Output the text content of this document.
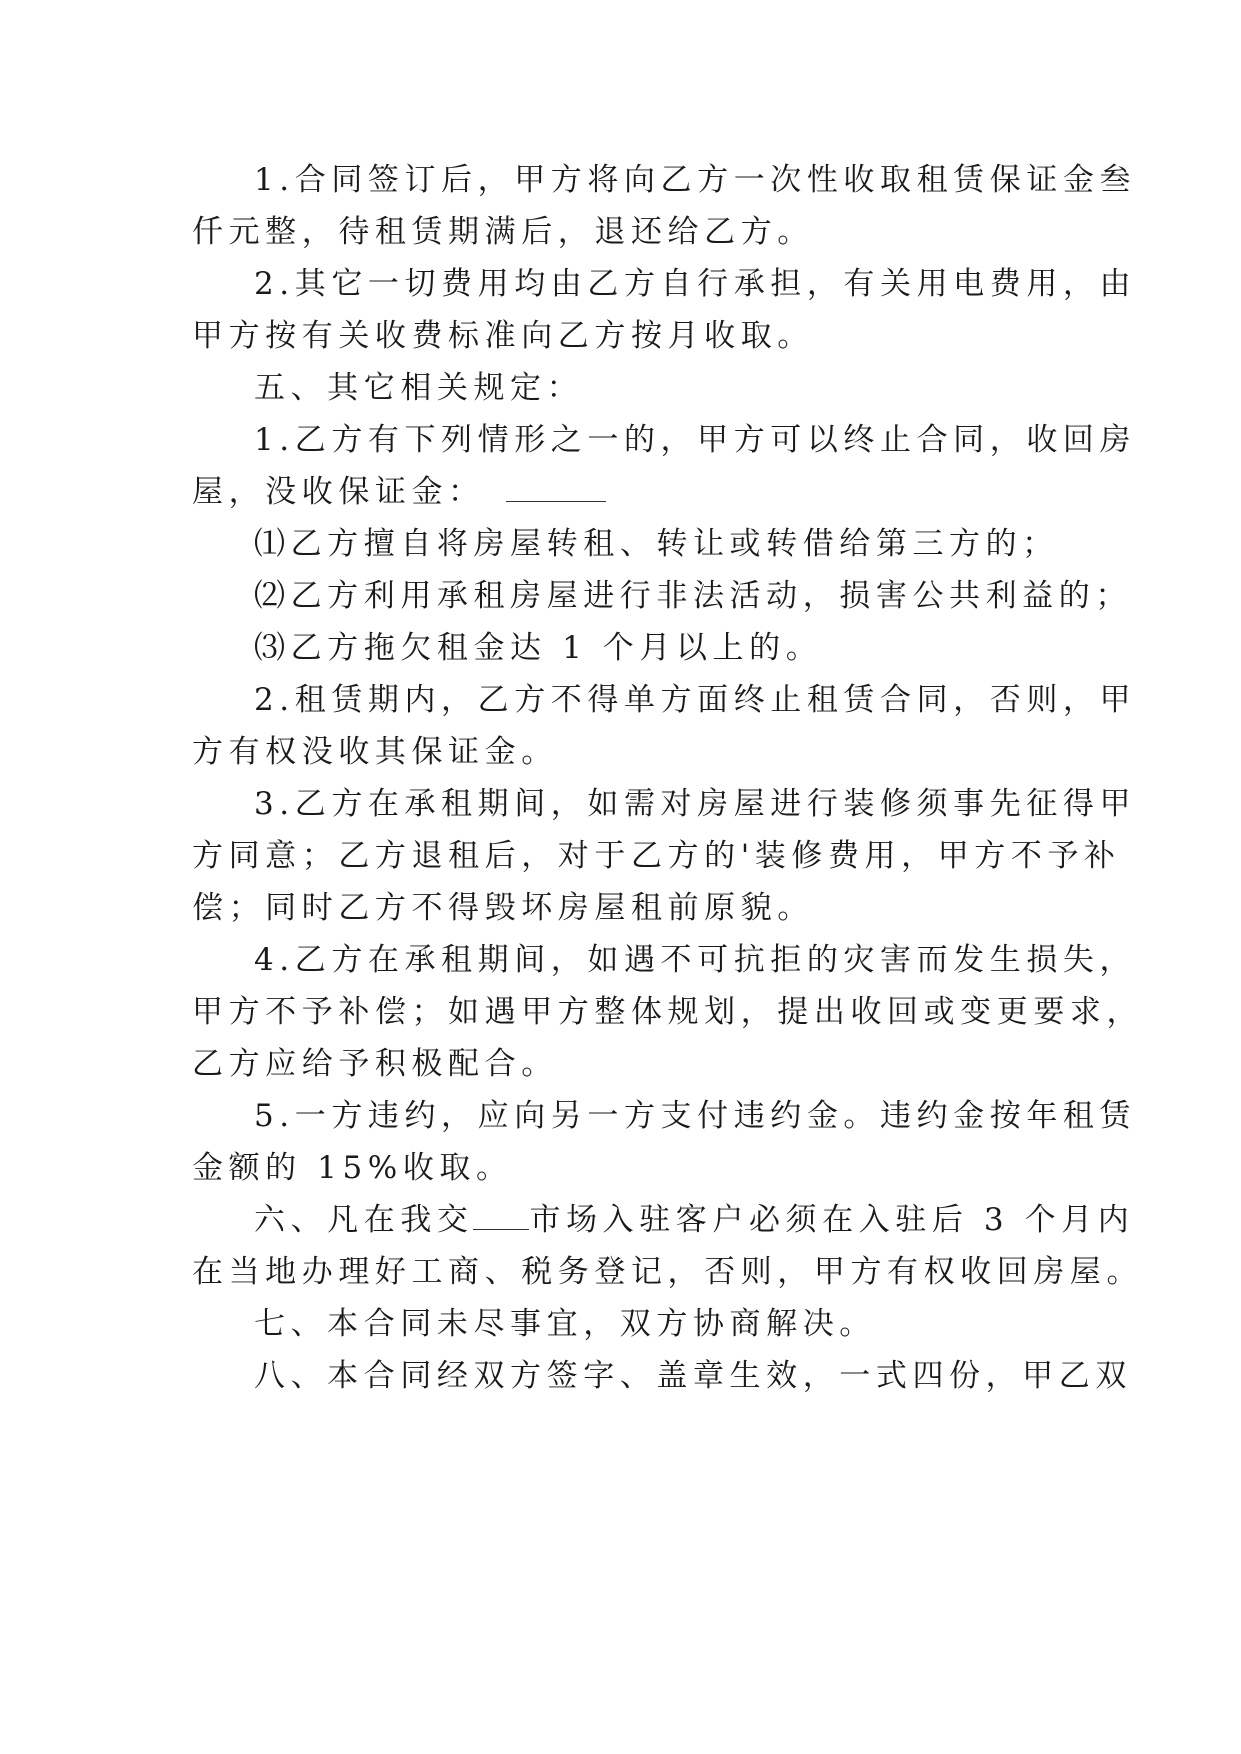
1.合同签订后，甲方将向乙方一次性收取租赁保证金叁
仟元整，待租赁期满后，退还给乙方。
2.其它一切费用均由乙方自行承担，有关用电费用，由
甲方按有关收费标准向乙方按月收取。
五、其它相关规定：
1.乙方有下列情形之一的，甲方可以终止合同，收回房
屋，没收保证金：
⑴乙方擅自将房屋转租、转让或转借给第三方的；
⑵乙方利用承租房屋进行非法活动，损害公共利益的；
⑶乙方拖欠租金达 1 个月以上的。
2.租赁期内，乙方不得单方面终止租赁合同，否则，甲
方有权没收其保证金。
3.乙方在承租期间，如需对房屋进行装修须事先征得甲
方同意；乙方退租后，对于乙方的'装修费用，甲方不予补
偿；同时乙方不得毁坏房屋租前原貌。
4.乙方在承租期间，如遇不可抗拒的灾害而发生损失，
甲方不予补偿；如遇甲方整体规划，提出收回或变更要求，
乙方应给予积极配合。
5.一方违约，应向另一方支付违约金。违约金按年租赁
金额的 15%收取。
六、凡在我交 市场入驻客户必须在入驻后 3 个月内
在当地办理好工商、税务登记，否则，甲方有权收回房屋。
七、本合同未尽事宜，双方协商解决。
八、本合同经双方签字、盖章生效，一式四份，甲乙双
